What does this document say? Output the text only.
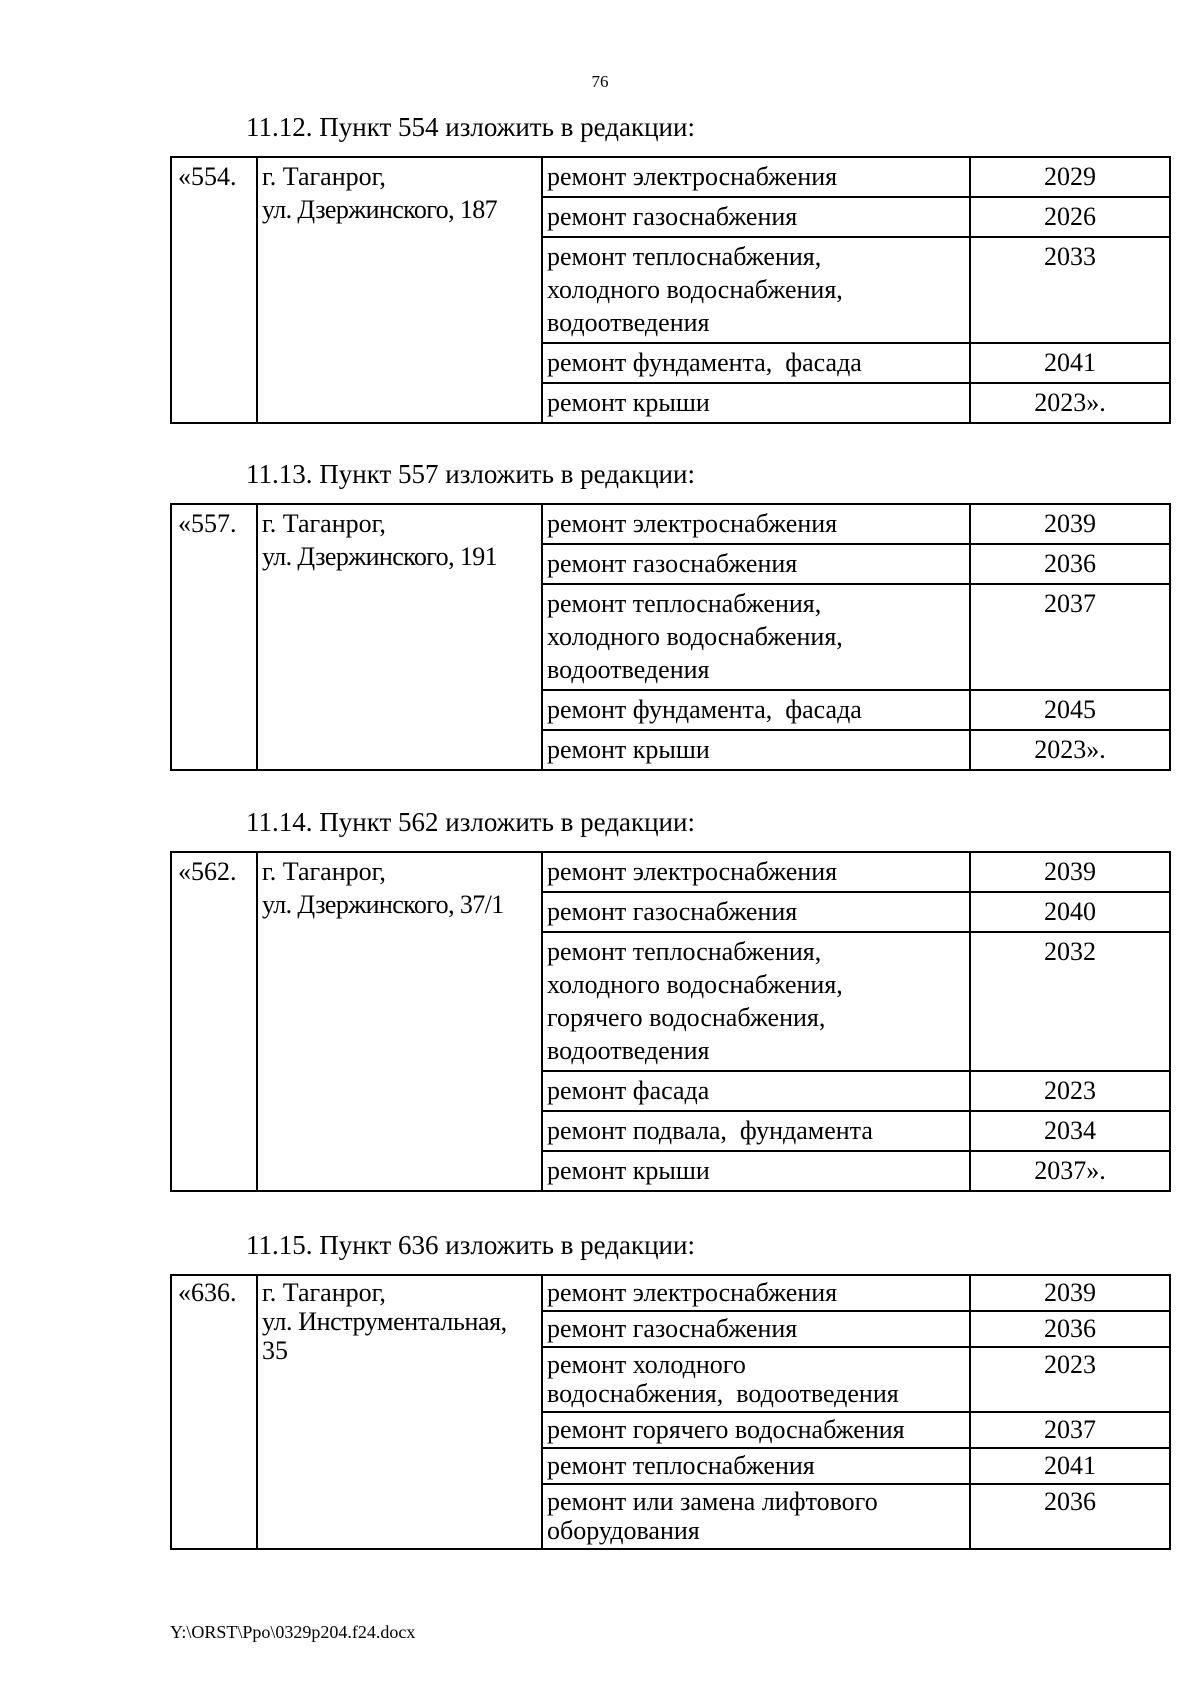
76
11.12. Пункт 554 изложить в редакции:
«554.	г. Таганрог,
ул. Дзержинского, 187	ремонт электроснабжения	2029

		ремонт газоснабжения	2026

		ремонт теплоснабжения,
холодного водоснабжения,
водоотведения	2033

		ремонт фундамента,  фасада	2041

		ремонт крыши	2023».
11.13. Пункт 557 изложить в редакции:
«557.	г. Таганрог,
ул. Дзержинского, 191	ремонт электроснабжения	2039

		ремонт газоснабжения	2036

		ремонт теплоснабжения,
холодного водоснабжения,
водоотведения	2037

		ремонт фундамента,  фасада	2045

		ремонт крыши	2023».
11.14. Пункт 562 изложить в редакции:
«562.	г. Таганрог,
ул. Дзержинского, 37/1	ремонт электроснабжения	2039

		ремонт газоснабжения	2040

		ремонт теплоснабжения,
холодного водоснабжения,
горячего водоснабжения,
водоотведения	2032

		ремонт фасада	2023

		ремонт подвала,  фундамента	2034

		ремонт крыши	2037».
11.15. Пункт 636 изложить в редакции:
«636.	г. Таганрог,
ул. Инструментальная,
35	ремонт электроснабжения	2039

		ремонт газоснабжения	2036

		ремонт холодного
водоснабжения,  водоотведения	2023

		ремонт горячего водоснабжения	2037

		ремонт теплоснабжения	2041

		ремонт или замена лифтового
оборудования	2036
Y:\ORST\Ppo\0329p204.f24.docx
